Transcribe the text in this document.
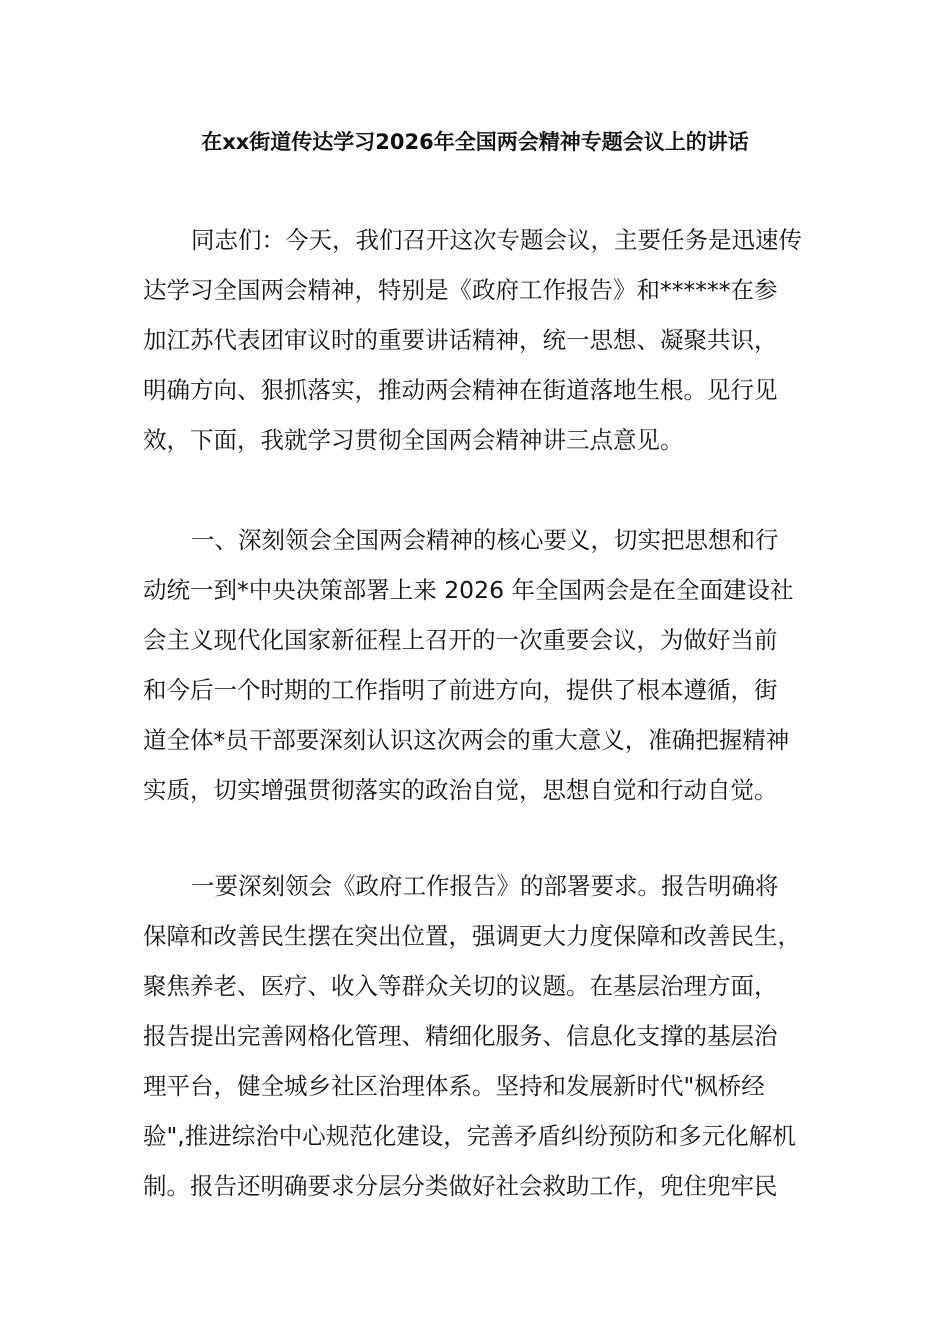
在xx街道传达学习2026年全国两会精神专题会议上的讲话
同志们：今天，我们召开这次专题会议，主要任务是迅速传
达学习全国两会精神，特别是《政府工作报告》和******在参
加江苏代表团审议时的重要讲话精神，统一思想、凝聚共识，
明确方向、狠抓落实，推动两会精神在街道落地生根。见行见
效，下面，我就学习贯彻全国两会精神讲三点意见。
一、深刻领会全国两会精神的核心要义，切实把思想和行
动统一到*中央决策部署上来 2026 年全国两会是在全面建设社
会主义现代化国家新征程上召开的一次重要会议，为做好当前
和今后一个时期的工作指明了前进方向，提供了根本遵循，街
道全体*员干部要深刻认识这次两会的重大意义，准确把握精神
实质，切实增强贯彻落实的政治自觉，思想自觉和行动自觉。
一要深刻领会《政府工作报告》的部署要求。报告明确将
保障和改善民生摆在突出位置，强调更大力度保障和改善民生，
聚焦养老、医疗、收入等群众关切的议题。在基层治理方面，
报告提出完善网格化管理、精细化服务、信息化支撑的基层治
理平台，健全城乡社区治理体系。坚持和发展新时代"枫桥经
验",推进综治中心规范化建设，完善矛盾纠纷预防和多元化解机
制。报告还明确要求分层分类做好社会救助工作，兜住兜牢民
